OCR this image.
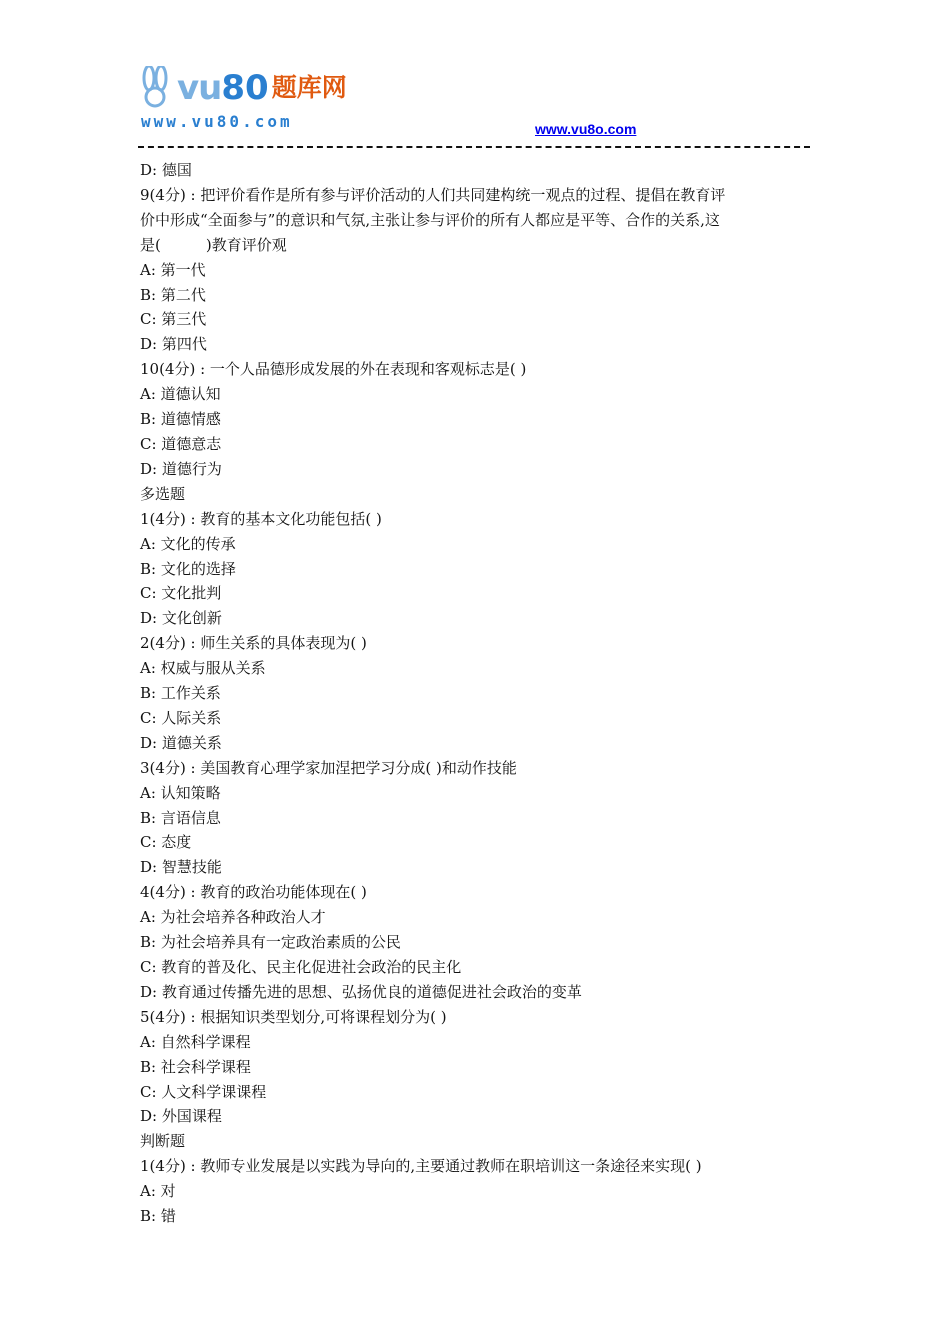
vu 80 题库网
www.vu80.com	www.vu8o.com
D: 德国
9(4分) : 把评价看作是所有参与评价活动的人们共同建构统一观点的过程、提倡在教育评
价中形成“全面参与”的意识和气氛,主张让参与评价的所有人都应是平等、合作的关系,这
是(　　　)教育评价观
A: 第一代
B: 第二代
C: 第三代
D: 第四代
10(4分) : 一个人品德形成发展的外在表现和客观标志是( )
A: 道德认知
B: 道德情感
C: 道德意志
D: 道德行为
多选题
1(4分) : 教育的基本文化功能包括( )
A: 文化的传承
B: 文化的选择
C: 文化批判
D: 文化创新
2(4分) : 师生关系的具体表现为( )
A: 权威与服从关系
B: 工作关系
C: 人际关系
D: 道德关系
3(4分) : 美国教育心理学家加涅把学习分成( )和动作技能
A: 认知策略
B: 言语信息
C: 态度
D: 智慧技能
4(4分) : 教育的政治功能体现在( )
A: 为社会培养各种政治人才
B: 为社会培养具有一定政治素质的公民
C: 教育的普及化、民主化促进社会政治的民主化
D: 教育通过传播先进的思想、弘扬优良的道德促进社会政治的变革
5(4分) : 根据知识类型划分,可将课程划分为( )
A: 自然科学课程
B: 社会科学课程
C: 人文科学课课程
D: 外国课程
判断题
1(4分) : 教师专业发展是以实践为导向的,主要通过教师在职培训这一条途径来实现( )
A: 对
B: 错
